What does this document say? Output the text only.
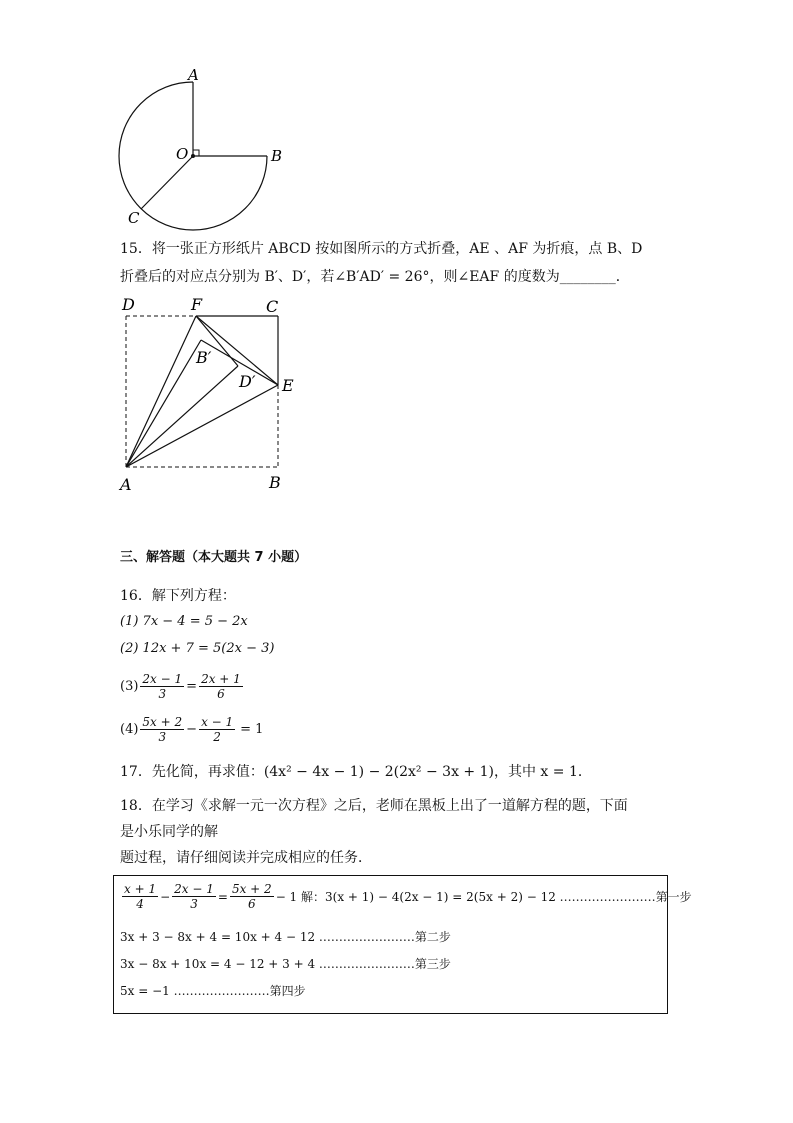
A
O	B
C
15．将一张正方形纸片 ABCD 按如图所示的方式折叠，AE 、AF 为折痕，点 B、D
折叠后的对应点分别为 B′、D′，若∠B′AD′ = 26°，则∠EAF 的度数为________．
D	F	C
B′
D′ E
A	B
三、解答题（本大题共 7 小题）
16．解下列方程：
(1) 7x − 4 = 5 − 2x
(2) 12x + 7 = 5(2x − 3)
$(3) \frac{2x - 1}{3} = \frac{2x + 1}{6}$
$(4) \frac{5x + 2}{3} - \frac{x - 1}{2} = 1$
17．先化简，再求值：(4x² − 4x − 1) − 2(2x² − 3x + 1)，其中 x = 1．
18．在学习《求解一元一次方程》之后，老师在黑板上出了一道解方程的题，下面
是小乐同学的解
题过程，请仔细阅读并完成相应的任务．
$\frac{x + 1}{4} - \frac{2x - 1}{3} = \frac{5x + 2}{6} - 1$ 解：3(x + 1) − 4(2x − 1) = 2(5x + 2) − 12 ……………………第一步
3x + 3 − 8x + 4 = 10x + 4 − 12 ……………………第二步
3x − 8x + 10x = 4 − 12 + 3 + 4 ……………………第三步
5x = −1 ……………………第四步
